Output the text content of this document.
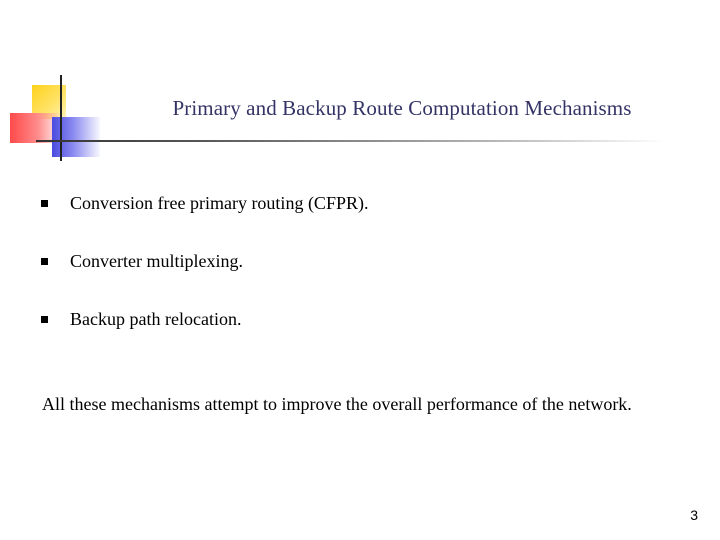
Primary and Backup Route Computation Mechanisms
Conversion free primary routing (CFPR).
Converter multiplexing.
Backup path relocation.

All these mechanisms attempt to improve the overall performance of the network.

3
